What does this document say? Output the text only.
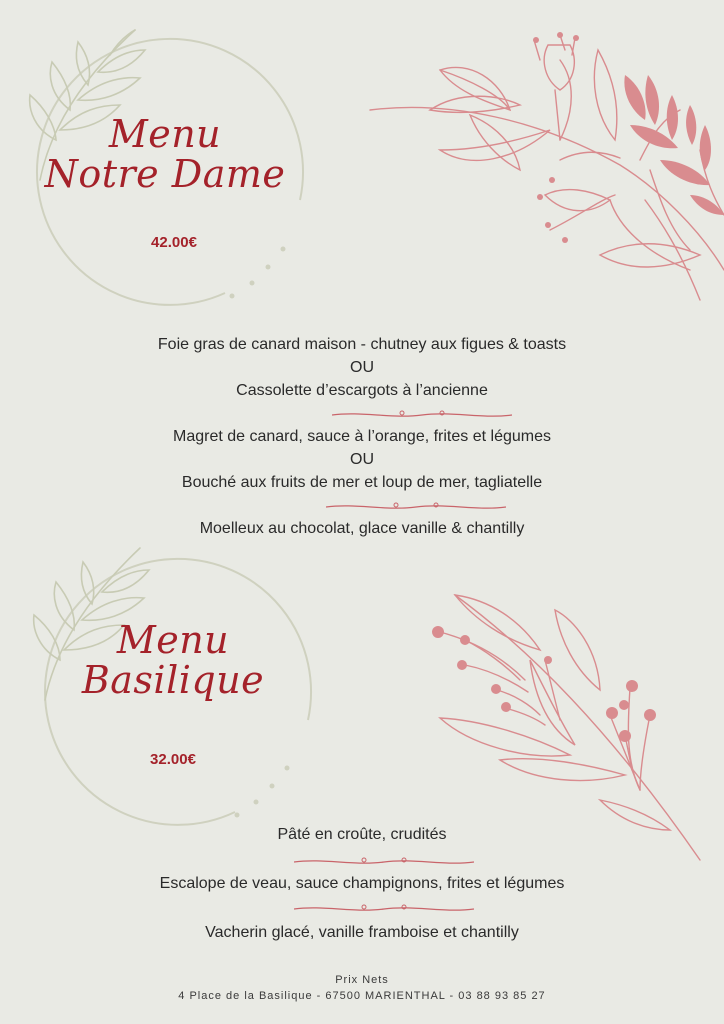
Menu
Notre Dame
42.00€
Foie gras de canard maison - chutney aux figues & toasts
OU
Cassolette d’escargots à l’ancienne
Magret de canard, sauce à l’orange, frites et légumes
OU
Bouché aux fruits de mer et loup de mer, tagliatelle
Moelleux au chocolat, glace vanille & chantilly
Menu
Basilique
32.00€
Pâté en croûte, crudités
Escalope de veau, sauce champignons, frites et légumes
Vacherin glacé, vanille framboise et chantilly
Prix Nets
4 Place de la Basilique - 67500 MARIENTHAL - 03 88 93 85 27
